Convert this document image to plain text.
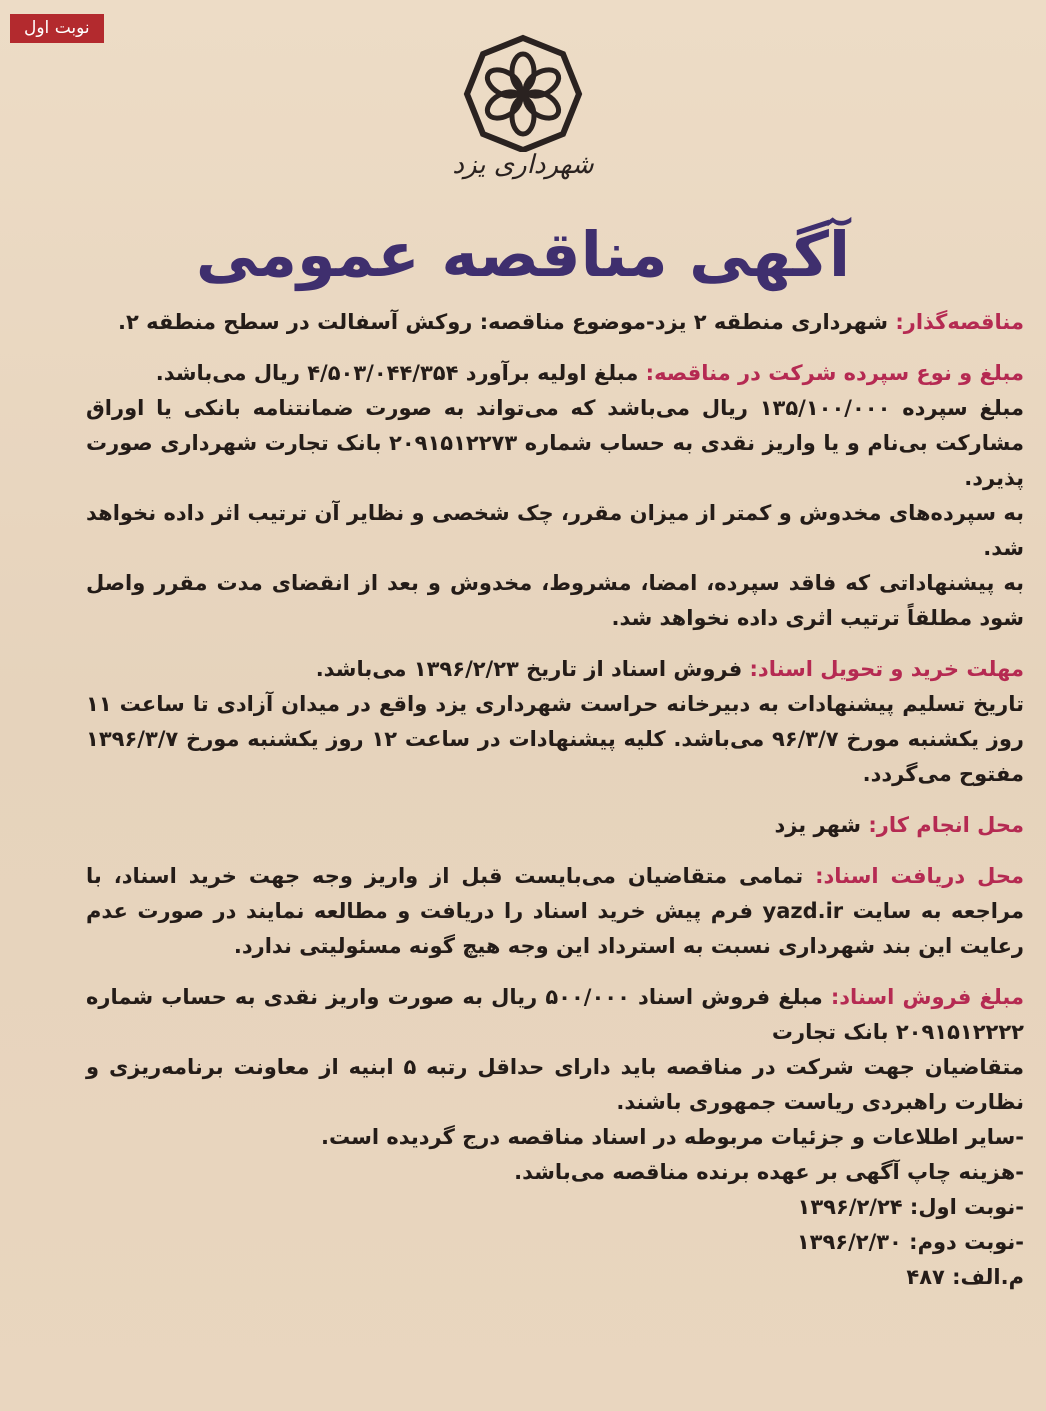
نوبت اول
شهرداری یزد
آگهی مناقصه عمومی

مناقصه‌گذار: شهرداری منطقه ۲ یزد-موضوع مناقصه: روکش آسفالت در سطح منطقه ۲.

مبلغ و نوع سپرده شرکت در مناقصه: مبلغ اولیه برآورد ۴/۵۰۳/۰۴۴/۳۵۴ ریال می‌باشد.

مبلغ سپرده ۱۳۵/۱۰۰/۰۰۰ ریال می‌باشد که می‌تواند به صورت ضمانتنامه بانکی یا اوراق مشارکت بی‌نام و یا واریز نقدی به حساب شماره ۲۰۹۱۵۱۲۲۷۳ بانک تجارت شهرداری صورت پذیرد.

به سپرده‌های مخدوش و کمتر از میزان مقرر، چک شخصی و نظایر آن ترتیب اثر داده نخواهد شد.

به پیشنهاداتی که فاقد سپرده، امضا، مشروط، مخدوش و بعد از انقضای مدت مقرر واصل شود مطلقاً ترتیب اثری داده نخواهد شد.

مهلت خرید و تحویل اسناد: فروش اسناد از تاریخ ۱۳۹۶/۲/۲۳ می‌باشد.

تاریخ تسلیم پیشنهادات به دبیرخانه حراست شهرداری یزد واقع در میدان آزادی تا ساعت ۱۱ روز یکشنبه مورخ ۹۶/۳/۷ می‌باشد. کلیه پیشنهادات در ساعت ۱۲ روز یکشنبه مورخ ۱۳۹۶/۳/۷ مفتوح می‌گردد.

محل انجام کار: شهر یزد

محل دریافت اسناد: تمامی متقاضیان می‌بایست قبل از واریز وجه جهت خرید اسناد، با مراجعه به سایت yazd.ir فرم پیش خرید اسناد را دریافت و مطالعه نمایند در صورت عدم رعایت این بند شهرداری نسبت به استرداد این وجه هیچ گونه مسئولیتی ندارد.

مبلغ فروش اسناد: مبلغ فروش اسناد ۵۰۰/۰۰۰ ریال به صورت واریز نقدی به حساب شماره ۲۰۹۱۵۱۲۲۲۲ بانک تجارت

متقاضیان جهت شرکت در مناقصه باید دارای حداقل رتبه ۵ ابنیه از معاونت برنامه‌ریزی و نظارت راهبردی ریاست جمهوری باشند.

-سایر اطلاعات و جزئیات مربوطه در اسناد مناقصه درج گردیده است.

-هزینه چاپ آگهی بر عهده برنده مناقصه می‌باشد.

-نوبت اول: ۱۳۹۶/۲/۲۴

-نوبت دوم: ۱۳۹۶/۲/۳۰

م.الف: ۴۸۷
